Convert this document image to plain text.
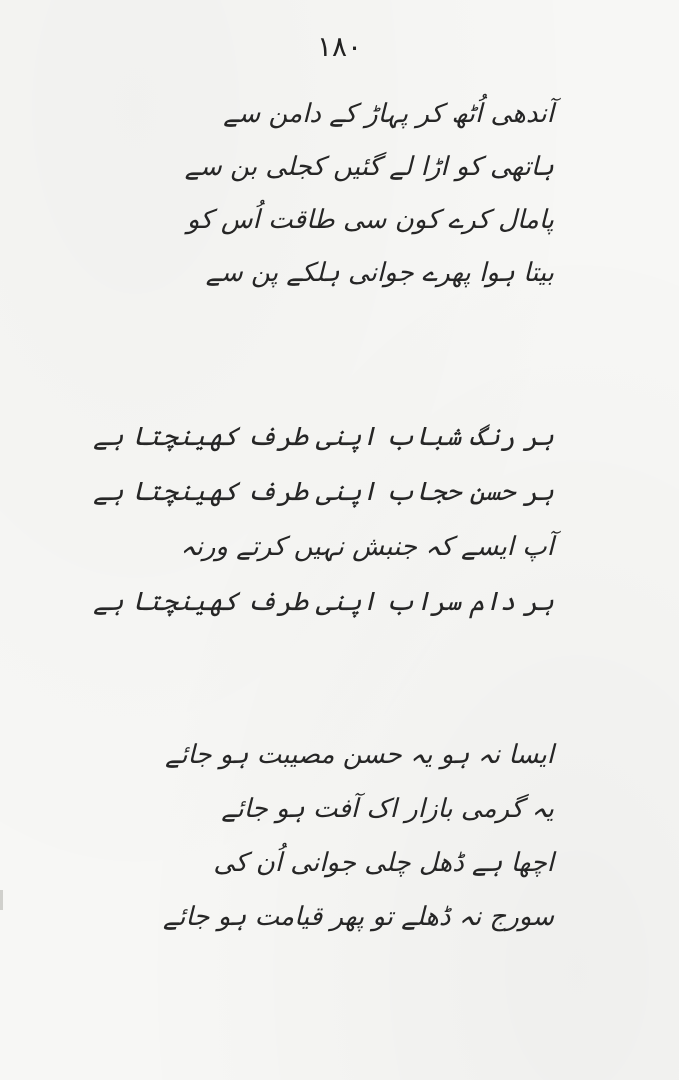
۱۸۰
آندھی اُٹھ کر پہاڑ کے دامن سے
ہاتھی کو اڑا لے گئیں کجلی بن سے
پامال کرے کون سی طاقت اُس کو
بیتا ہوا پھرے جوانی ہلکے پن سے
ہر رنگ شباب اپنی طرف کھینچتا ہے
ہر حسن حجاب اپنی طرف کھینچتا ہے
آپ ایسے کہ جنبش نہیں کرتے ورنہ
ہر دام سراب اپنی طرف کھینچتا ہے
ایسا نہ ہو یہ حسن مصیبت ہو جائے
یہ گرمی بازار اک آفت ہو جائے
اچھا ہے ڈھل چلی جوانی اُن کی
سورج نہ ڈھلے تو پھر قیامت ہو جائے
